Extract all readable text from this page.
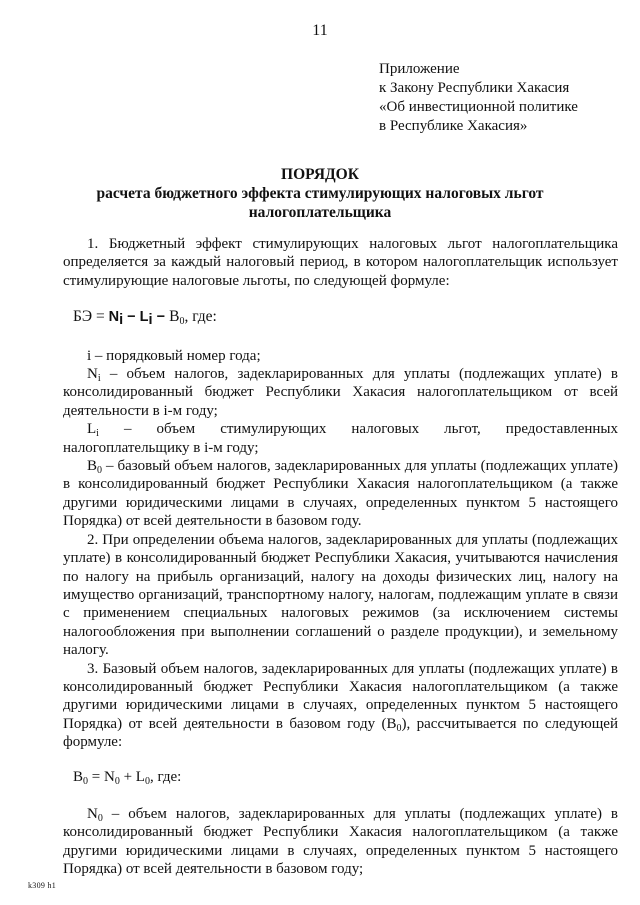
11
Приложение
к Закону Республики Хакасия
«Об инвестиционной политике
в Республике Хакасия»
ПОРЯДОК
расчета бюджетного эффекта стимулирующих налоговых льгот
налогоплательщика

1. Бюджетный эффект стимулирующих налоговых льгот налогоплательщика определяется за каждый налоговый период, в котором налогоплательщик использует стимулирующие налоговые льготы, по следующей формуле:

БЭ = $N_i - L_i - B_0$, где:

i – порядковый номер года;

$N_i$ – объем налогов, задекларированных для уплаты (подлежащих уплате) в консолидированный бюджет Республики Хакасия налогоплательщиком от всей деятельности в i-м году;

$L_i$ – объем стимулирующих налоговых льгот, предоставленных налогоплательщику в i-м году;

$B_0$ – базовый объем налогов, задекларированных для уплаты (подлежащих уплате) в консолидированный бюджет Республики Хакасия налогоплательщиком (а также другими юридическими лицами в случаях, определенных пунктом 5 настоящего Порядка) от всей деятельности в базовом году.

2. При определении объема налогов, задекларированных для уплаты (подлежащих уплате) в консолидированный бюджет Республики Хакасия, учитываются начисления по налогу на прибыль организаций, налогу на доходы физических лиц, налогу на имущество организаций, транспортному налогу, налогам, подлежащим уплате в связи с применением специальных налоговых режимов (за исключением системы налогообложения при выполнении соглашений о разделе продукции), и земельному налогу.

3. Базовый объем налогов, задекларированных для уплаты (подлежащих уплате) в консолидированный бюджет Республики Хакасия налогоплательщиком (а также другими юридическими лицами в случаях, определенных пунктом 5 настоящего Порядка) от всей деятельности в базовом году $(B_0)$, рассчитывается по следующей формуле:

$B_0 = N_0 + L_0$, где:

$N_0$ – объем налогов, задекларированных для уплаты (подлежащих уплате) в консолидированный бюджет Республики Хакасия налогоплательщиком (а также другими юридическими лицами в случаях, определенных пунктом 5 настоящего Порядка) от всей деятельности в базовом году;

k309 h1
